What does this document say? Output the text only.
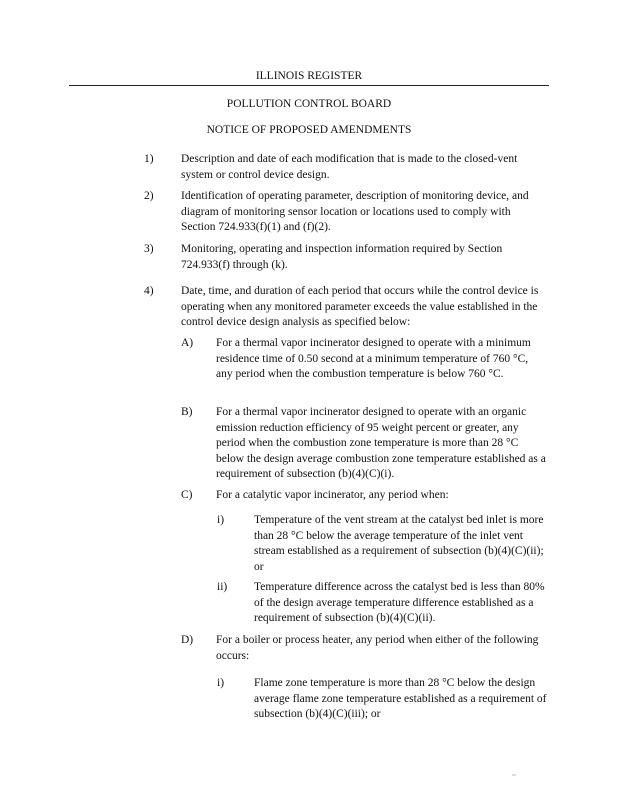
ILLINOIS REGISTER
POLLUTION CONTROL BOARD
NOTICE OF PROPOSED AMENDMENTS
1) Description and date of each modification that is made to the closed-vent system or control device design.
2) Identification of operating parameter, description of monitoring device, and diagram of monitoring sensor location or locations used to comply with Section 724.933(f)(1) and (f)(2).
3) Monitoring, operating and inspection information required by Section 724.933(f) through (k).
4) Date, time, and duration of each period that occurs while the control device is operating when any monitored parameter exceeds the value established in the control device design analysis as specified below:
A) For a thermal vapor incinerator designed to operate with a minimum residence time of 0.50 second at a minimum temperature of 760 °C, any period when the combustion temperature is below 760 °C.
B) For a thermal vapor incinerator designed to operate with an organic emission reduction efficiency of 95 weight percent or greater, any period when the combustion zone temperature is more than 28 °C below the design average combustion zone temperature established as a requirement of subsection (b)(4)(C)(i).
C) For a catalytic vapor incinerator, any period when:
i)	Temperature of the vent stream at the catalyst bed inlet is more than 28 °C below the average temperature of the inlet vent stream established as a requirement of subsection (b)(4)(C)(ii); or
ii) Temperature difference across the catalyst bed is less than 80% of the design average temperature difference established as a requirement of subsection (b)(4)(C)(ii).
D) For a boiler or process heater, any period when either of the following occurs:
i)	Flame zone temperature is more than 28 °C below the design average flame zone temperature established as a requirement of subsection (b)(4)(C)(iii); or
